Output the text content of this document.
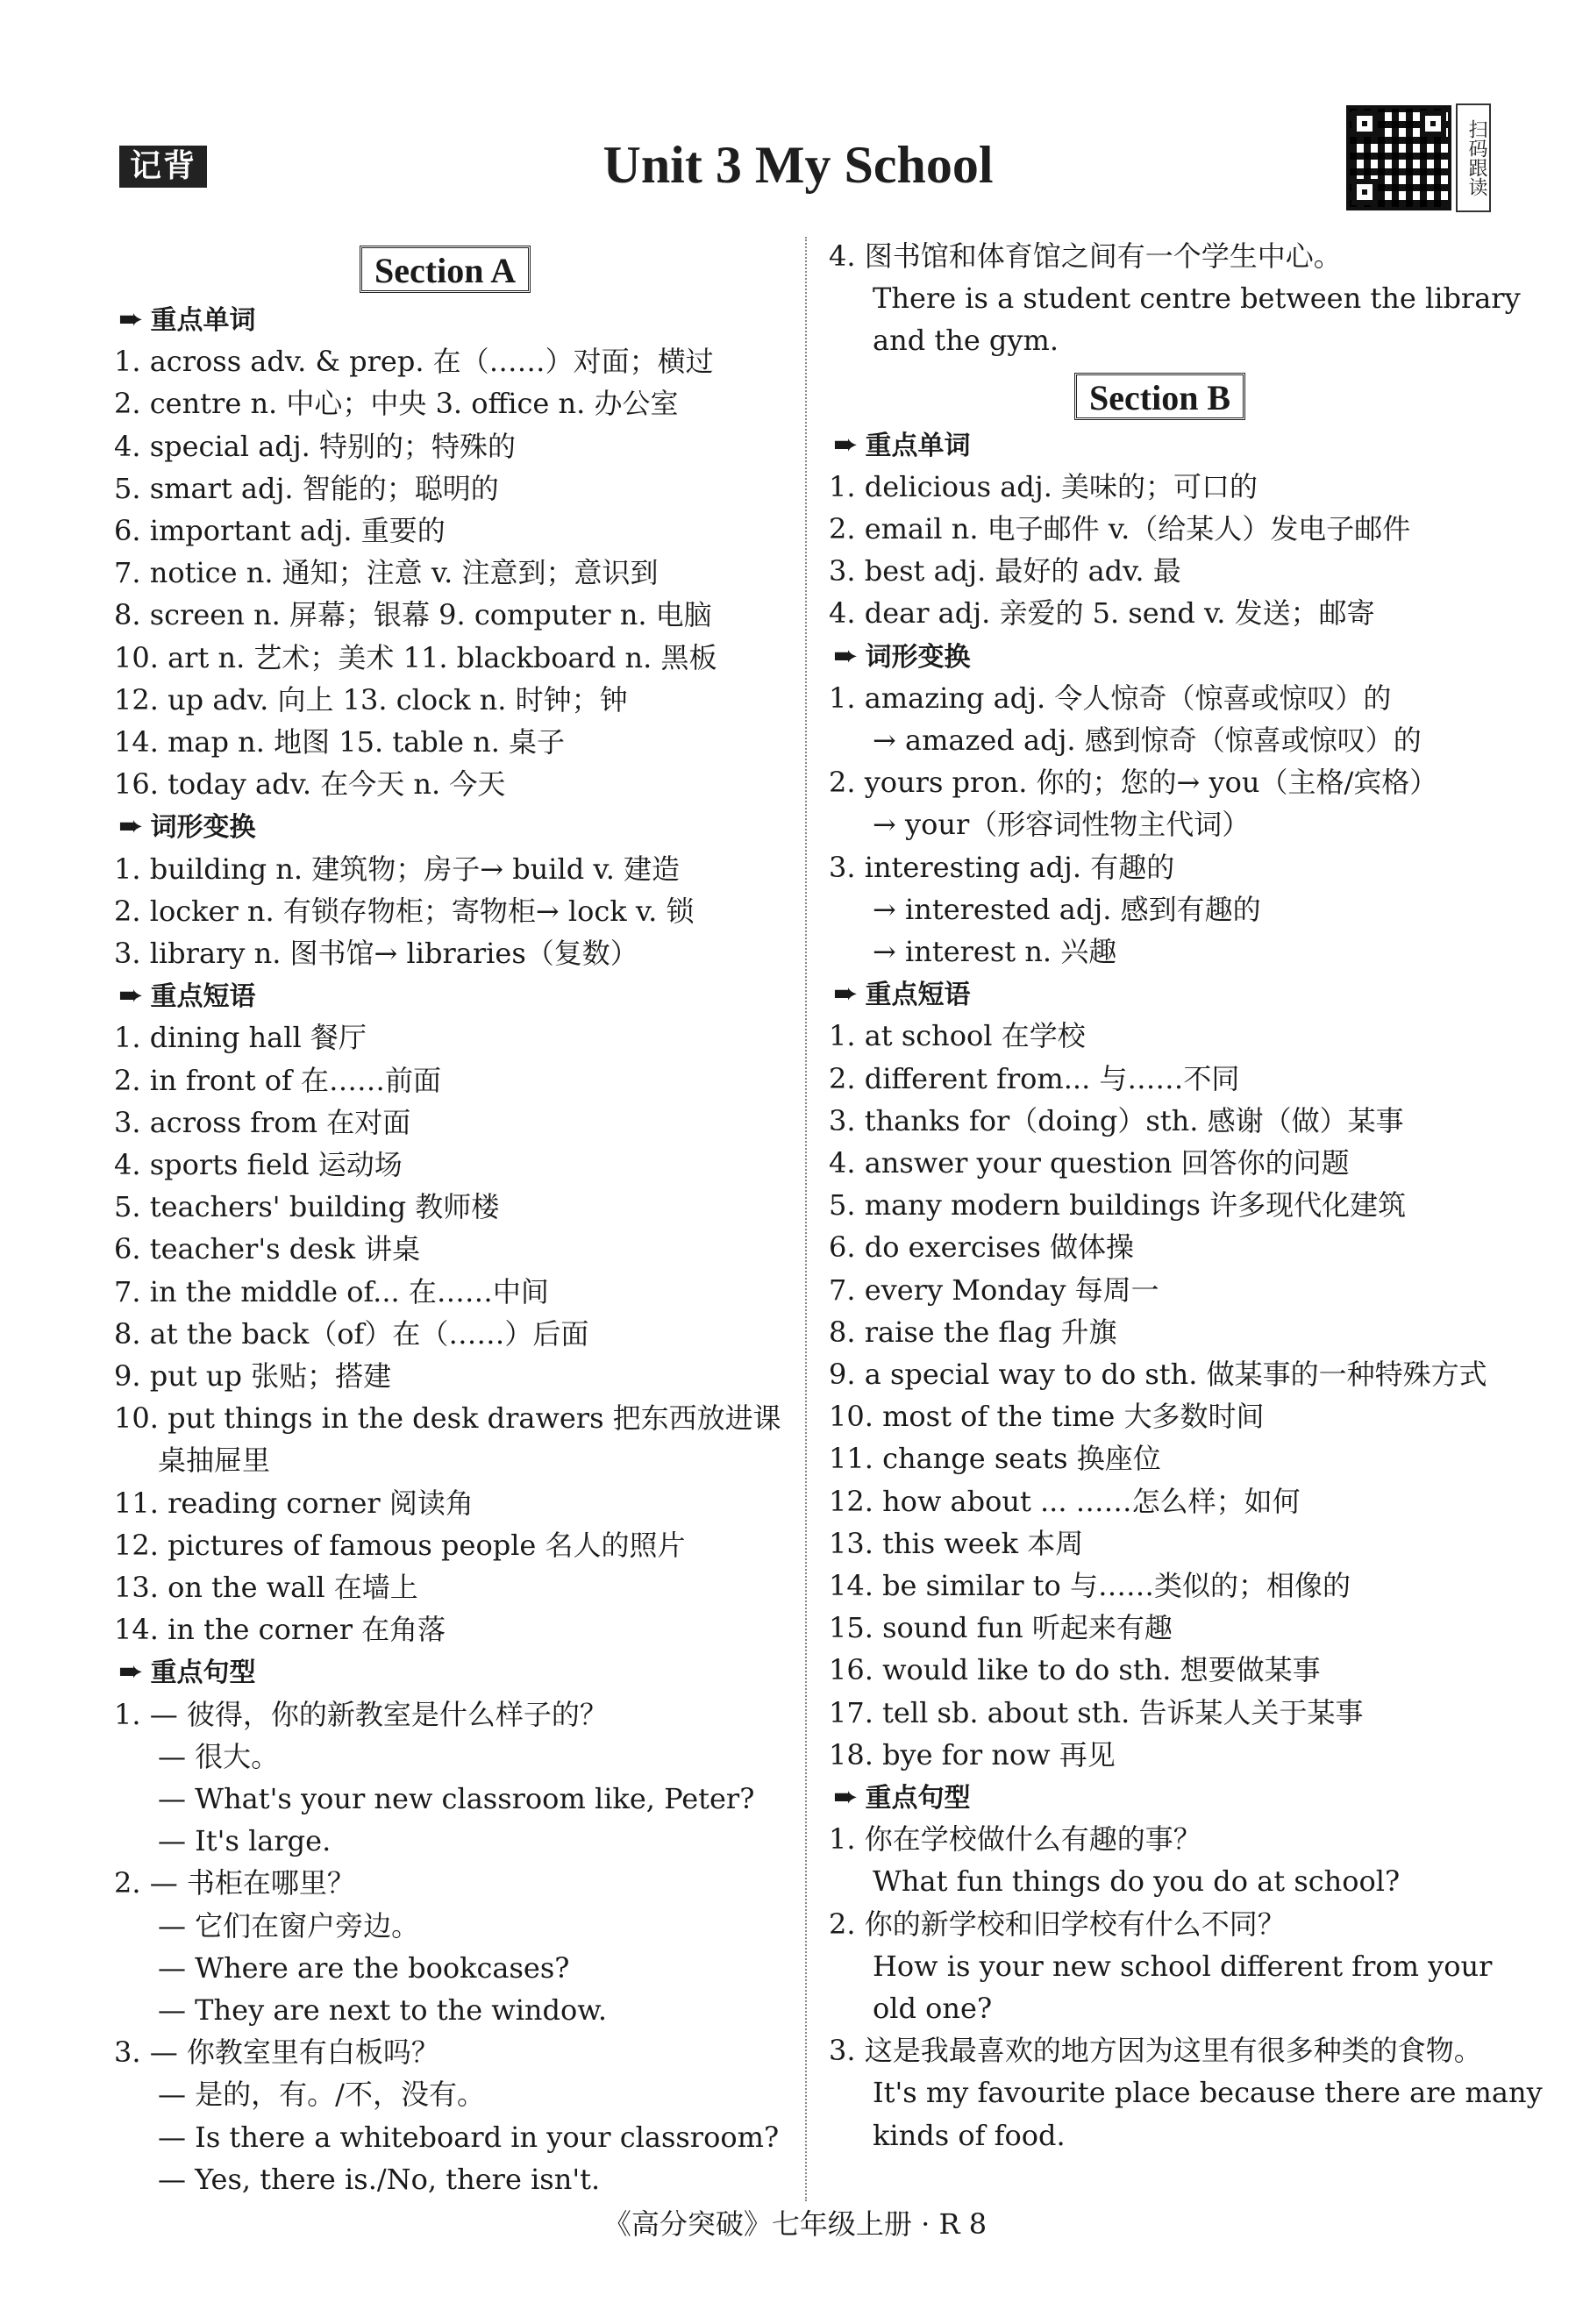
记背	Unit 3 My School	扫码跟读
Section A
➨ 重点单词
1. across adv. & prep. 在（……）对面；横过
2. centre n. 中心；中央 3. office n. 办公室
4. special adj. 特别的；特殊的
5. smart adj. 智能的；聪明的
6. important adj. 重要的
7. notice n. 通知；注意 v. 注意到；意识到
8. screen n. 屏幕；银幕 9. computer n. 电脑
10. art n. 艺术；美术 11. blackboard n. 黑板
12. up adv. 向上 13. clock n. 时钟；钟
14. map n. 地图 15. table n. 桌子
16. today adv. 在今天 n. 今天
➨ 词形变换
1. building n. 建筑物；房子→ build v. 建造
2. locker n. 有锁存物柜；寄物柜→ lock v. 锁
3. library n. 图书馆→ libraries（复数）
➨ 重点短语
1. dining hall 餐厅
2. in front of 在……前面
3. across from 在对面
4. sports field 运动场
5. teachers' building 教师楼
6. teacher's desk 讲桌
7. in the middle of... 在……中间
8. at the back（of）在（……）后面
9. put up 张贴；搭建
10. put things in the desk drawers 把东西放进课
桌抽屉里
11. reading corner 阅读角
12. pictures of famous people 名人的照片
13. on the wall 在墙上
14. in the corner 在角落
➨ 重点句型
1. — 彼得，你的新教室是什么样子的？
— 很大。
— What's your new classroom like, Peter?
— It's large.
2. — 书柜在哪里？
— 它们在窗户旁边。
— Where are the bookcases?
— They are next to the window.
3. — 你教室里有白板吗？
— 是的，有。/不，没有。
— Is there a whiteboard in your classroom?
— Yes, there is./No, there isn't.
4. 图书馆和体育馆之间有一个学生中心。
There is a student centre between the library
and the gym.
Section B
➨ 重点单词
1. delicious adj. 美味的；可口的
2. email n. 电子邮件 v.（给某人）发电子邮件
3. best adj. 最好的 adv. 最
4. dear adj. 亲爱的 5. send v. 发送；邮寄
➨ 词形变换
1. amazing adj. 令人惊奇（惊喜或惊叹）的
→ amazed adj. 感到惊奇（惊喜或惊叹）的
2. yours pron. 你的；您的→ you（主格/宾格）
→ your（形容词性物主代词）
3. interesting adj. 有趣的
→ interested adj. 感到有趣的
→ interest n. 兴趣
➨ 重点短语
1. at school 在学校
2. different from... 与……不同
3. thanks for（doing）sth. 感谢（做）某事
4. answer your question 回答你的问题
5. many modern buildings 许多现代化建筑
6. do exercises 做体操
7. every Monday 每周一
8. raise the flag 升旗
9. a special way to do sth. 做某事的一种特殊方式
10. most of the time 大多数时间
11. change seats 换座位
12. how about ... ……怎么样；如何
13. this week 本周
14. be similar to 与……类似的；相像的
15. sound fun 听起来有趣
16. would like to do sth. 想要做某事
17. tell sb. about sth. 告诉某人关于某事
18. bye for now 再见
➨ 重点句型
1. 你在学校做什么有趣的事？
What fun things do you do at school?
2. 你的新学校和旧学校有什么不同？
How is your new school different from your
old one?
3. 这是我最喜欢的地方因为这里有很多种类的食物。
It's my favourite place because there are many
kinds of food.
《高分突破》七年级上册 · R 8
